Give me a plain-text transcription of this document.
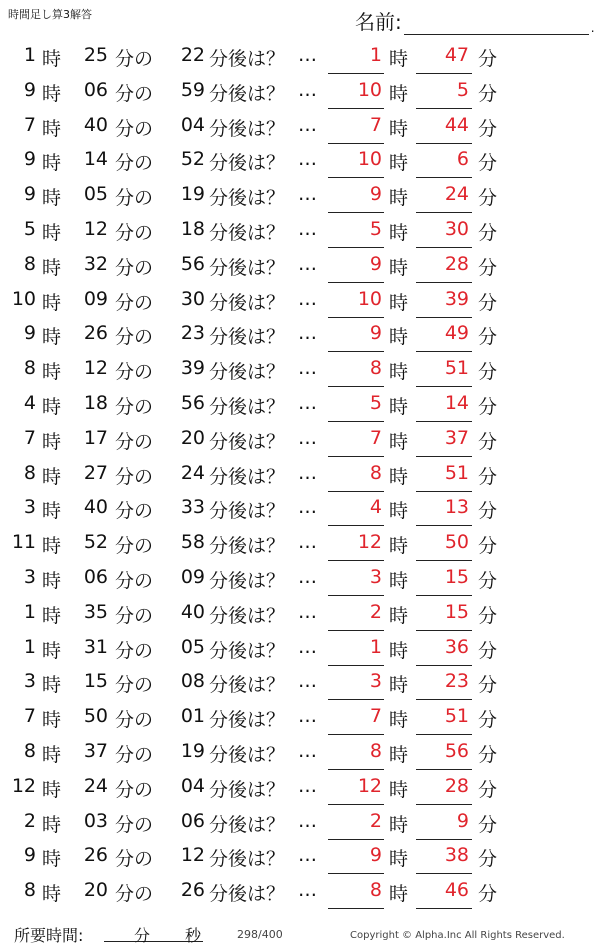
時間足し算3解答	名前:	.
1 時	25 分の	22 分後は？ …	1 時	47 分
9 時	06 分の	59 分後は？ …	10 時	5 分
7 時	40 分の	04 分後は？ …	7 時	44 分
9 時	14 分の	52 分後は？ …	10 時	6 分
9 時	05 分の	19 分後は？ …	9 時	24 分
5 時	12 分の	18 分後は？ …	5 時	30 分
8 時	32 分の	56 分後は？ …	9 時	28 分
10 時	09 分の	30 分後は？ …	10 時	39 分
9 時	26 分の	23 分後は？ …	9 時	49 分
8 時	12 分の	39 分後は？ …	8 時	51 分
4 時	18 分の	56 分後は？ …	5 時	14 分
7 時	17 分の	20 分後は？ …	7 時	37 分
8 時	27 分の	24 分後は？ …	8 時	51 分
3 時	40 分の	33 分後は？ …	4 時	13 分
11 時	52 分の	58 分後は？ …	12 時	50 分
3 時	06 分の	09 分後は？ …	3 時	15 分
1 時	35 分の	40 分後は？ …	2 時	15 分
1 時	31 分の	05 分後は？ …	1 時	36 分
3 時	15 分の	08 分後は？ …	3 時	23 分
7 時	50 分の	01 分後は？ …	7 時	51 分
8 時	37 分の	19 分後は？ …	8 時	56 分
12 時	24 分の	04 分後は？ …	12 時	28 分
2 時	03 分の	06 分後は？ …	2 時	9 分
9 時	26 分の	12 分後は？ …	9 時	38 分
8 時	20 分の	26 分後は？ …	8 時	46 分
所要時間:	分 秒	298/400	Copyright © Alpha.Inc All Rights Reserved.
